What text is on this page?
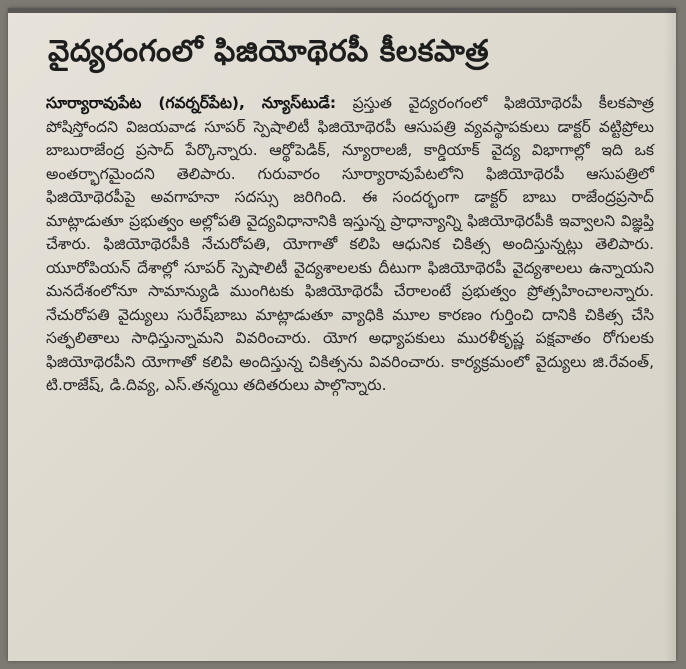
వైద్యరంగంలో ఫిజియోథెరపీ కీలకపాత్ర

సూర్యారావుపేట (గవర్నర్‌పేట), న్యూస్‌టుడే: ప్రస్తుత వైద్యరంగంలో ఫిజియోథెరపీ కీలకపాత్ర పోషిస్తోందని విజయవాడ సూపర్ స్పెషాలిటీ ఫిజియోథెరపీ ఆసుపత్రి వ్యవస్థాపకులు డాక్టర్ వట్టిప్రోలు బాబురాజేంద్ర ప్రసాద్ పేర్కొన్నారు. ఆర్థోపెడిక్, న్యూరాలజీ, కార్డియాక్ వైద్య విభాగాల్లో ఇది ఒక అంతర్భాగమైందని తెలిపారు. గురువారం సూర్యారావుపేటలోని ఫిజియోథెరపీ ఆసుపత్రిలో ఫిజియోథెరపీపై అవగాహనా సదస్సు జరిగింది. ఈ సందర్భంగా డాక్టర్ బాబు రాజేంద్రప్రసాద్ మాట్లాడుతూ ప్రభుత్వం అల్లోపతి వైద్యవిధానానికి ఇస్తున్న ప్రాధాన్యాన్ని ఫిజియోథెరపీకి ఇవ్వాలని విజ్ఞప్తి చేశారు. ఫిజియోథెరపీకి నేచురోపతి, యోగాతో కలిపి ఆధునిక చికిత్స అందిస్తున్నట్లు తెలిపారు. యూరోపియన్ దేశాల్లో సూపర్ స్పెషాలిటీ వైద్యశాలలకు దీటుగా ఫిజియోథెరపీ వైద్యశాలలు ఉన్నాయని మనదేశంలోనూ సామాన్యుడి ముంగిటకు ఫిజియోథెరపీ చేరాలంటే ప్రభుత్వం ప్రోత్సహించాలన్నారు. నేచురోపతి వైద్యులు సురేష్‌బాబు మాట్లాడుతూ వ్యాధికి మూల కారణం గుర్తించి దానికి చికిత్స చేసి సత్ఫలితాలు సాధిస్తున్నామని వివరించారు. యోగ అధ్యాపకులు మురళీకృష్ణ పక్షవాతం రోగులకు ఫిజియోథెరపీని యోగాతో కలిపి అందిస్తున్న చికిత్సను వివరించారు. కార్యక్రమంలో వైద్యులు జి.రేవంత్, టి.రాజేష్, డి.దివ్య, ఎస్.తన్మయి తదితరులు పాల్గొన్నారు.
